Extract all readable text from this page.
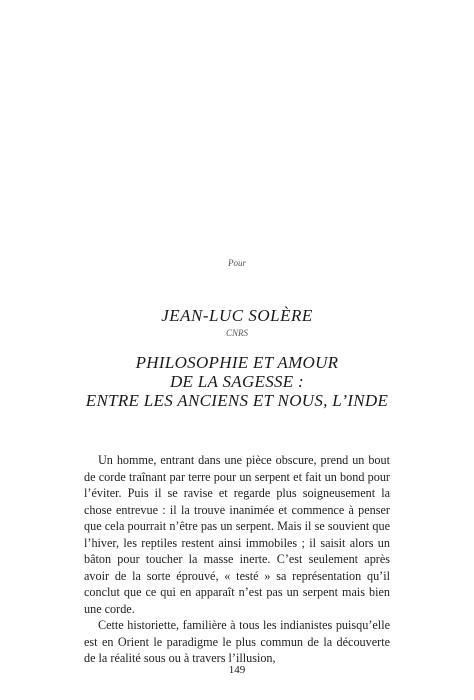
Pour
JEAN-LUC SOLÈRE
CNRS
PHILOSOPHIE ET AMOUR
DE LA SAGESSE :
ENTRE LES ANCIENS ET NOUS, L’INDE

Un homme, entrant dans une pièce obscure, prend un bout de corde traînant par terre pour un serpent et fait un bond pour l’éviter. Puis il se ravise et regarde plus soigneusement la chose entrevue : il la trouve inanimée et commence à penser que cela pourrait n’être pas un serpent. Mais il se souvient que l’hiver, les reptiles restent ainsi immobiles ; il saisit alors un bâton pour toucher la masse inerte. C’est seulement après avoir de la sorte éprouvé, « testé » sa représentation qu’il conclut que ce qui en apparaît n’est pas un serpent mais bien une corde.

Cette historiette, familière à tous les indianistes puisqu’elle est en Orient le paradigme le plus commun de la découverte de la réalité sous ou à travers l’illusion,

149
